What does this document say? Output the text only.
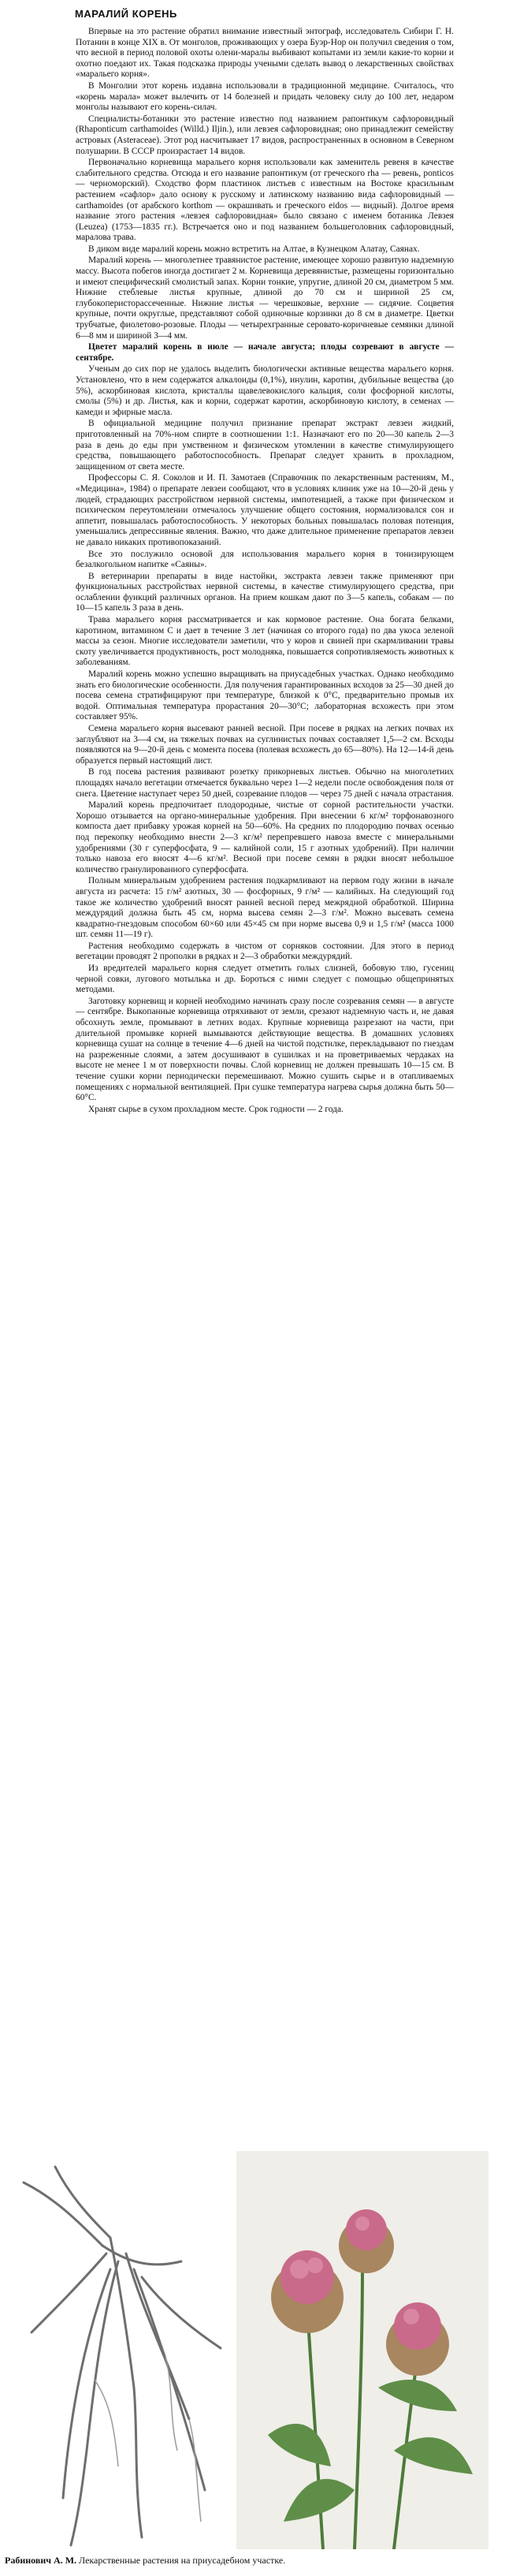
МАРАЛИЙ КОРЕНЬ

Впервые на это растение обратил внимание известный энтограф, исследователь Сибири Г. Н. Потанин в конце XIX в. От монголов, проживающих у озера Буэр-Нор он получил сведения о том, что весной в период половой охоты олени-маралы выбивают копытами из земли какие-то корни и охотно поедают их. Такая подсказка природы учеными сделать вывод о лекарственных свойствах «маральего корня».

В Монголии этот корень издавна использовали в традиционной медицине. Считалось, что «корень марала» может вылечить от 14 болезней и придать человеку силу до 100 лет, недаром монголы называют его корень-силач.

Специалисты-ботаники это растение известно под названием рапонтикум сафлоровидный (Rhaponticum carthamoides (Willd.) Iljin.), или левзея сафлоровидная; оно принадлежит семейству астровых (Asteraceae). Этот род насчитывает 17 видов, распространенных в основном в Северном полушарии. В СССР произрастает 14 видов.

Первоначально корневища маральего корня использовали как заменитель ревеня в качестве слабительного средства. Отсюда и его название рапонтикум (от греческого rha — ревень, ponticos — черноморский). Сходство форм пластинок листьев с известным на Востоке красильным растением «сафлор» дало основу к русскому и латинскому названию вида сафлоровидный — carthamoides (от арабского korthom — окрашивать и греческого eidos — видный). Долгое время название этого растения «левзея сафлоровидная» было связано с именем ботаника Левзея (Leuzea) (1753—1835 гг.). Встречается оно и под названием большеголовник сафлоровидный, маралова трава.

В диком виде маралий корень можно встретить на Алтае, в Кузнецком Алатау, Саянах.

Маралий корень — многолетнее травянистое растение, имеющее хорошо развитую надземную массу. Высота побегов иногда достигает 2 м. Корневища деревянистые, размещены горизонтально и имеют специфический смолистый запах. Корни тонкие, упругие, длиной 20 см, диаметром 5 мм. Нижние стеблевые листья крупные, длиной до 70 см и шириной 25 см, глубокоперисторассеченные. Нижние листья — черешковые, верхние — сидячие. Соцветия крупные, почти округлые, представляют собой одиночные корзинки до 8 см в диаметре. Цветки трубчатые, фиолетово-розовые. Плоды — четырехгранные серовато-коричневые семянки длиной 6—8 мм и шириной 3—4 мм.

Цветет маралий корень в июле — начале августа; плоды созревают в августе — сентябре.

Ученым до сих пор не удалось выделить биологически активные вещества маральего корня. Установлено, что в нем содержатся алкалоиды (0,1%), инулин, каротин, дубильные вещества (до 5%), аскорбиновая кислота, кристаллы щавелевокислого кальция, соли фосфорной кислоты, смолы (5%) и др. Листья, как и корни, содержат каротин, аскорбиновую кислоту, в семенах — камеди и эфирные масла.

В официальной медицине получил признание препарат экстракт левзеи жидкий, приготовленный на 70%-ном спирте в соотношении 1:1. Назначают его по 20—30 капель 2—3 раза в день до еды при умственном и физическом утомлении в качестве стимулирующего средства, повышающего работоспособность. Препарат следует хранить в прохладном, защищенном от света месте.

Профессоры С. Я. Соколов и И. П. Замотаев (Справочник по лекарственным растениям, М., «Медицина», 1984) о препарате левзеи сообщают, что в условиях клиник уже на 10—20-й день у людей, страдающих расстройством нервной системы, импотенцией, а также при физическом и психическом переутомлении отмечалось улучшение общего состояния, нормализовался сон и аппетит, повышалась работоспособность. У некоторых больных повышалась половая потенция, уменьшались депрессивные явления. Важно, что даже длительное применение препаратов левзеи не давало никаких противопоказаний.

Все это послужило основой для использования маральего корня в тонизирующем безалкогольном напитке «Саяны».

В ветеринарии препараты в виде настойки, экстракта левзеи также применяют при функциональных расстройствах нервной системы, в качестве стимулирующего средства, при ослаблении функций различных органов. На прием кошкам дают по 3—5 капель, собакам — по 10—15 капель 3 раза в день.

Трава маральего корня рассматривается и как кормовое растение. Она богата белками, каротином, витамином С и дает в течение 3 лет (начиная со второго года) по два укоса зеленой массы за сезон. Многие исследователи заметили, что у коров и свиней при скармливании травы скоту увеличивается продуктивность, рост молодняка, повышается сопротивляемость животных к заболеваниям.

Маралий корень можно успешно выращивать на приусадебных участках. Однако необходимо знать его биологические особенности. Для получения гарантированных всходов за 25—30 дней до посева семена стратифицируют при температуре, близкой к 0°С, предварительно промыв их водой. Оптимальная температура прорастания 20—30°С; лабораторная всхожесть при этом составляет 95%.

Семена маральего корня высевают ранней весной. При посеве в рядках на легких почвах их заглубляют на 3—4 см, на тяжелых почвах на суглинистых почвах составляет 1,5—2 см. Всходы появляются на 9—20-й день с момента посева (полевая всхожесть до 65—80%). На 12—14-й день образуется первый настоящий лист.

В год посева растения развивают розетку прикорневых листьев. Обычно на многолетних площадях начало вегетации отмечается буквально через 1—2 недели после освобождения поля от снега. Цветение наступает через 50 дней, созревание плодов — через 75 дней с начала отрастания.

Маралий корень предпочитает плодородные, чистые от сорной растительности участки. Хорошо отзывается на органо-минеральные удобрения. При внесении 6 кг/м² торфонавозного компоста дает прибавку урожая корней на 50—60%. На средних по плодородию почвах осенью под перекопку необходимо внести 2—3 кг/м² перепревшего навоза вместе с минеральными удобрениями (30 г суперфосфата, 9 — калийной соли, 15 г азотных удобрений). При наличии только навоза его вносят 4—6 кг/м². Весной при посеве семян в рядки вносят небольшое количество гранулированного суперфосфата.

Полным минеральным удобрением растения подкармливают на первом году жизни в начале августа из расчета: 15 г/м² азотных, 30 — фосфорных, 9 г/м² — калийных. На следующий год такое же количество удобрений вносят ранней весной перед межрядной обработкой. Ширина междурядий должна быть 45 см, норма высева семян 2—3 г/м². Можно высевать семена квадратно-гнездовым способом 60×60 или 45×45 см при норме высева 0,9 и 1,5 г/м² (масса 1000 шт. семян 11—19 г).

Растения необходимо содержать в чистом от сорняков состоянии. Для этого в период вегетации проводят 2 прополки в рядках и 2—3 обработки междурядий.

Из вредителей маральего корня следует отметить голых слизней, бобовую тлю, гусениц черной совки, лугового мотылька и др. Бороться с ними следует с помощью общепринятых методами.

Заготовку корневищ и корней необходимо начинать сразу после созревания семян — в августе — сентябре. Выкопанные корневища отряхивают от земли, срезают надземную часть и, не давая обсохнуть земле, промывают в летних водах. Крупные корневища разрезают на части, при длительной промывке корней вымываются действующие вещества. В домашних условиях корневища сушат на солнце в течение 4—6 дней на чистой подстилке, перекладывают по гнездам на разреженные слоями, а затем досушивают в сушилках и на проветриваемых чердаках на высоте не менее 1 м от поверхности почвы. Слой корневищ не должен превышать 10—15 см. В течение сушки корни периодически перемешивают. Можно сушить сырье и в отапливаемых помещениях с нормальной вентиляцией. При сушке температура нагрева сырья должна быть 50—60°С.

Хранят сырье в сухом прохладном месте. Срок годности — 2 года.

Рабинович А. М. Лекарственные растения на приусадебном участке.
